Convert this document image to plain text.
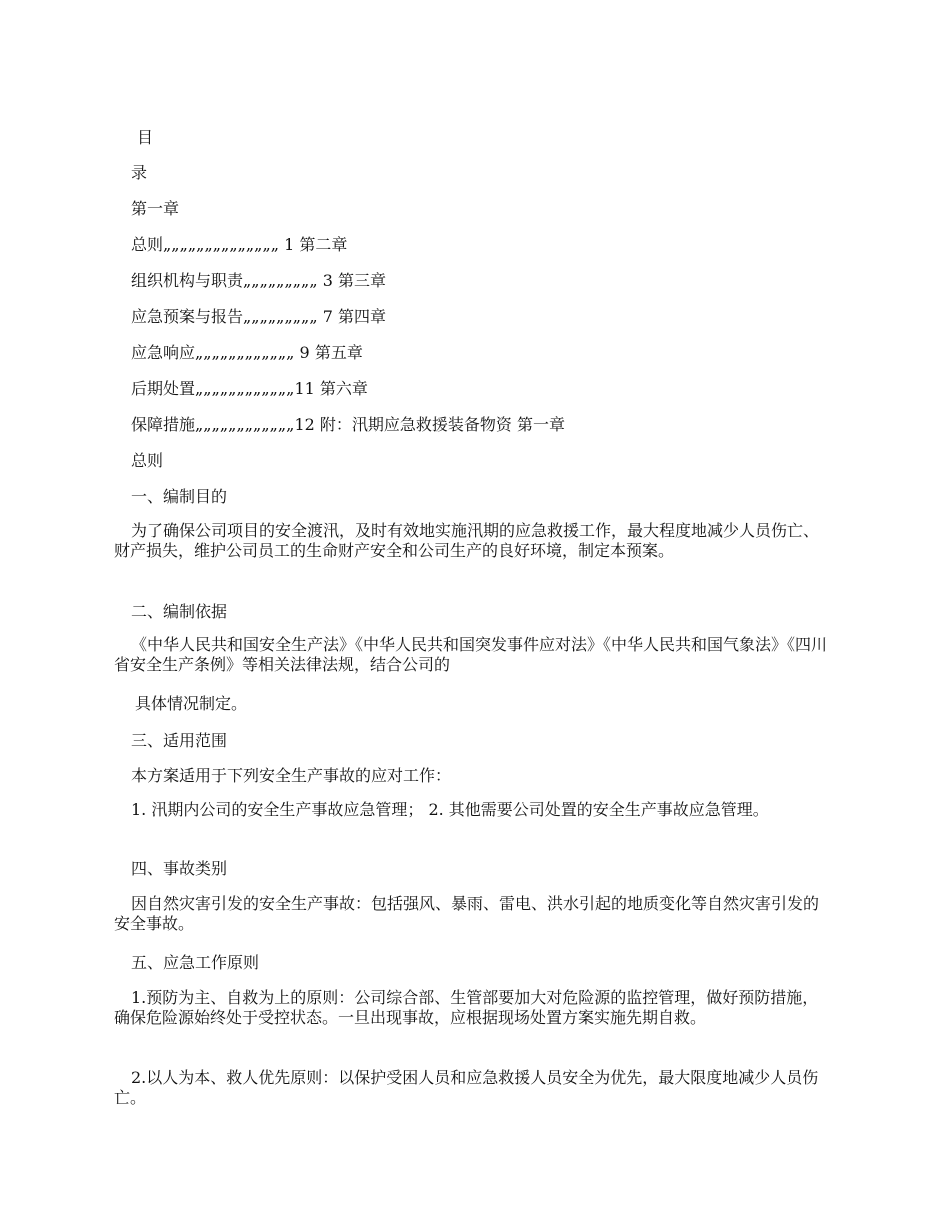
目
录
第一章
总则„„„„„„„„„„„„„„ 1 第二章
组织机构与职责„„„„„„„„„ 3 第三章
应急预案与报告„„„„„„„„„ 7 第四章
应急响应„„„„„„„„„„„„ 9 第五章
后期处置„„„„„„„„„„„„11 第六章
保障措施„„„„„„„„„„„„12 附：汛期应急救援装备物资 第一章
总则
一、编制目的
为了确保公司项目的安全渡汛，及时有效地实施汛期的应急救援工作，最大程度地减少人员伤亡、财产损失，维护公司员工的生命财产安全和公司生产的良好环境，制定本预案。
二、编制依据
《中华人民共和国安全生产法》《中华人民共和国突发事件应对法》《中华人民共和国气象法》《四川省安全生产条例》等相关法律法规，结合公司的
具体情况制定。
三、适用范围
本方案适用于下列安全生产事故的应对工作：
1. 汛期内公司的安全生产事故应急管理； 2. 其他需要公司处置的安全生产事故应急管理。
四、事故类别
因自然灾害引发的安全生产事故：包括强风、暴雨、雷电、洪水引起的地质变化等自然灾害引发的安全事故。
五、应急工作原则
1.预防为主、自救为上的原则：公司综合部、生管部要加大对危险源的监控管理，做好预防措施，确保危险源始终处于受控状态。一旦出现事故，应根据现场处置方案实施先期自救。
2.以人为本、救人优先原则：以保护受困人员和应急救援人员安全为优先，最大限度地减少人员伤亡。
